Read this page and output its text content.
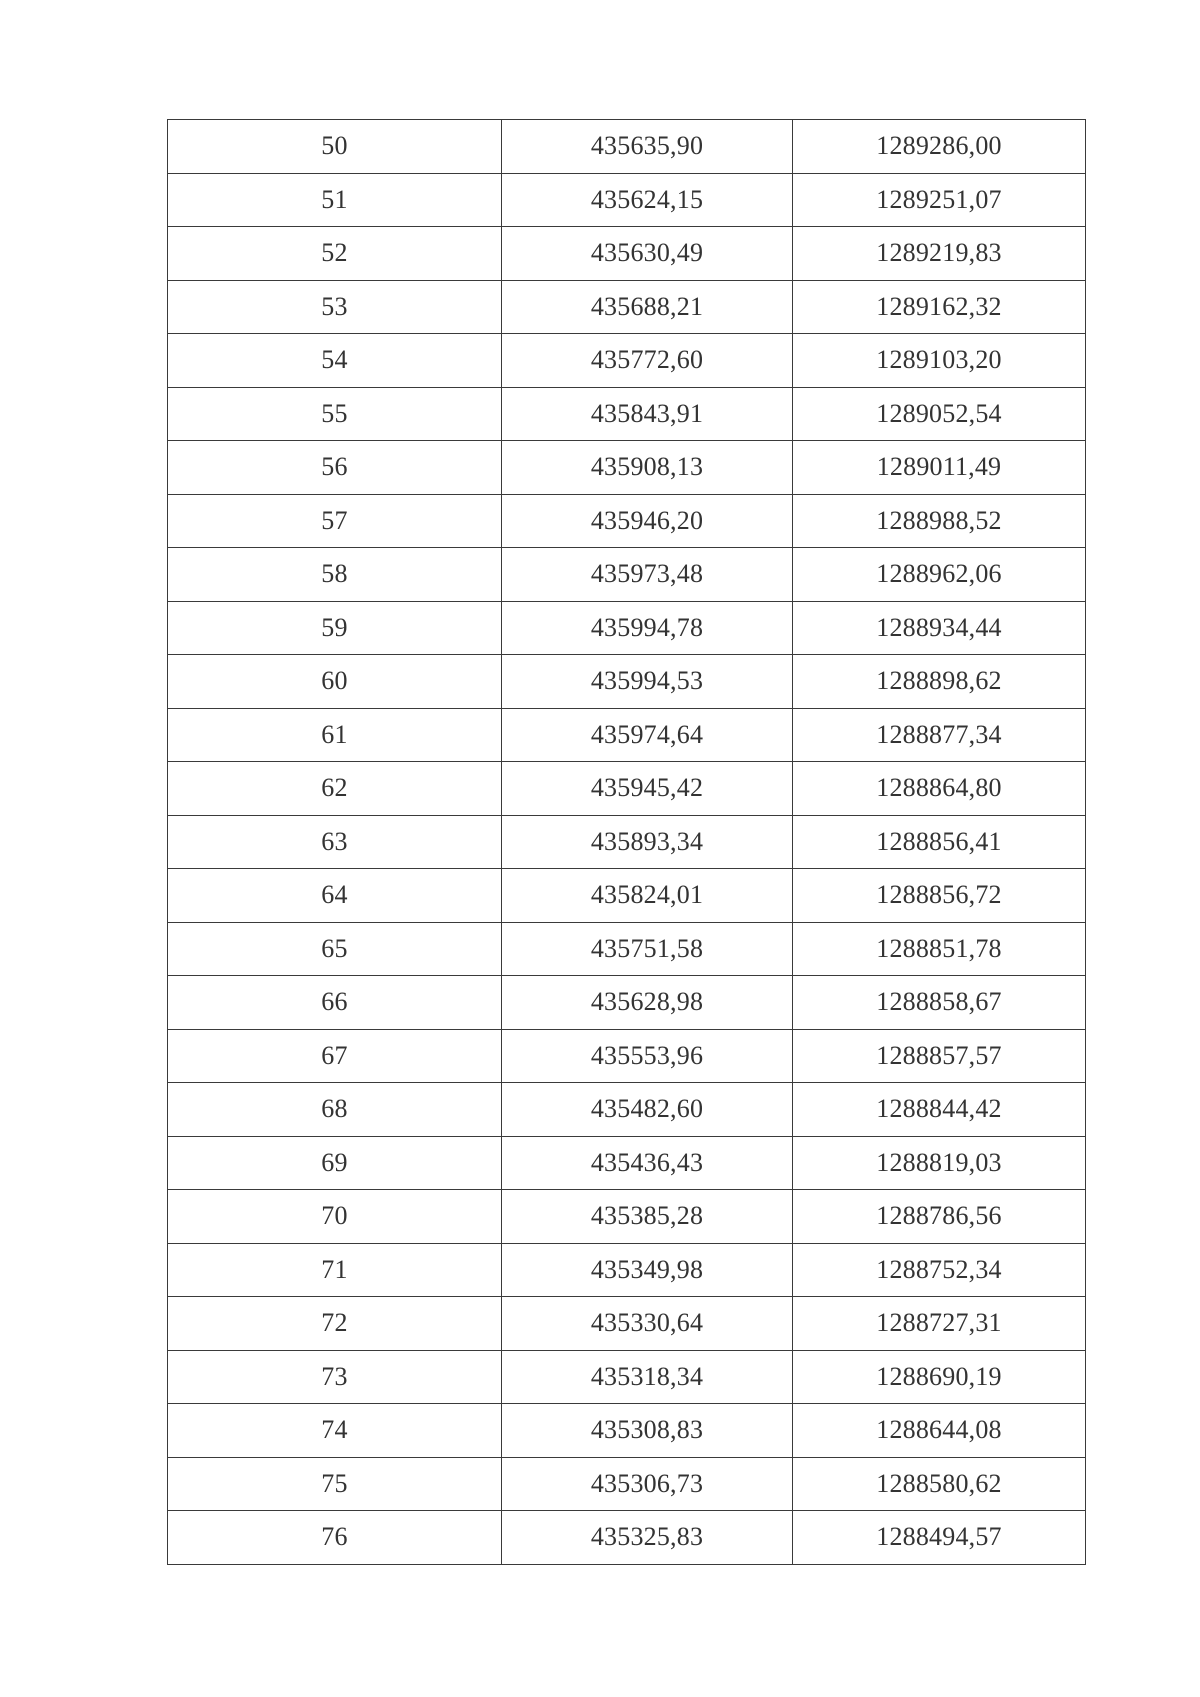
50	435635,90	1289286,00
51	435624,15	1289251,07
52	435630,49	1289219,83
53	435688,21	1289162,32
54	435772,60	1289103,20
55	435843,91	1289052,54
56	435908,13	1289011,49
57	435946,20	1288988,52
58	435973,48	1288962,06
59	435994,78	1288934,44
60	435994,53	1288898,62
61	435974,64	1288877,34
62	435945,42	1288864,80
63	435893,34	1288856,41
64	435824,01	1288856,72
65	435751,58	1288851,78
66	435628,98	1288858,67
67	435553,96	1288857,57
68	435482,60	1288844,42
69	435436,43	1288819,03
70	435385,28	1288786,56
71	435349,98	1288752,34
72	435330,64	1288727,31
73	435318,34	1288690,19
74	435308,83	1288644,08
75	435306,73	1288580,62
76	435325,83	1288494,57
